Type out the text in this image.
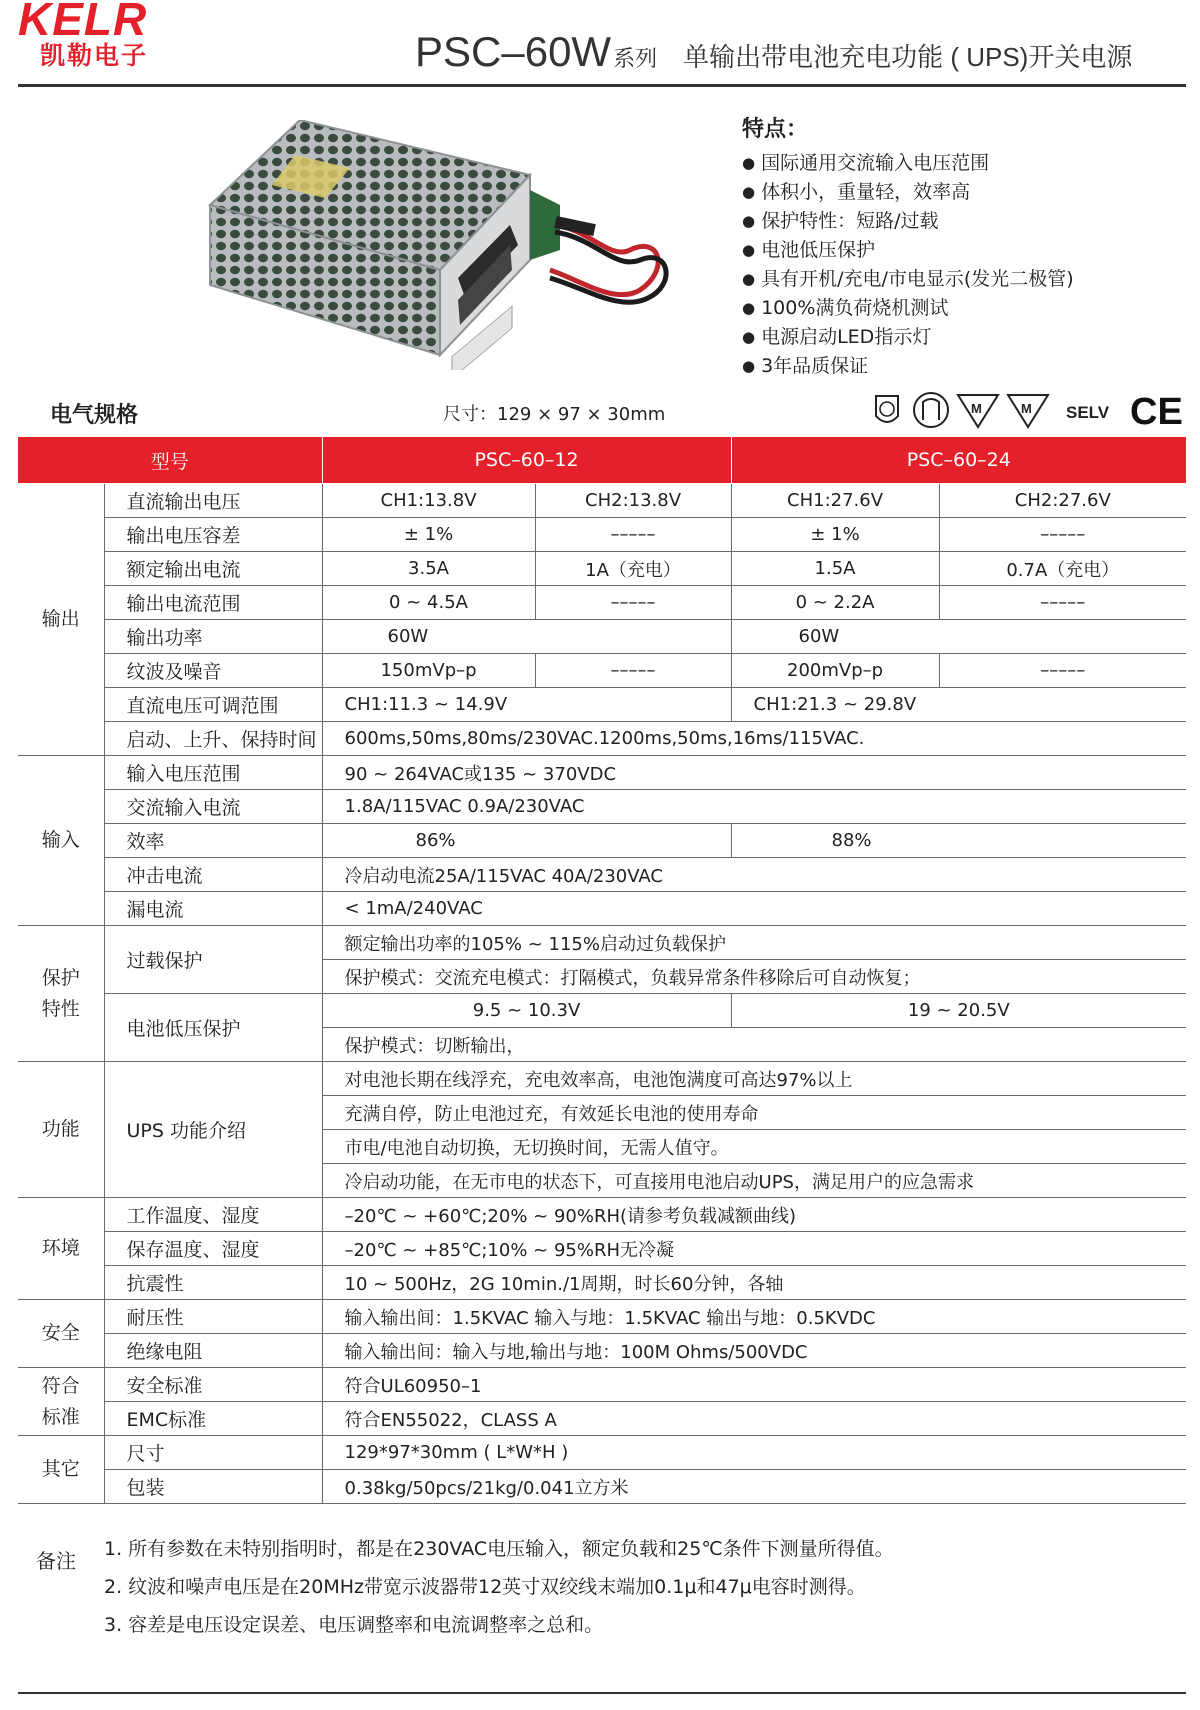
KELR
凯勒电子	PSC–60W系列 单输出带电池充电功能 ( UPS)开关电源
特点：
● 国际通用交流输入电压范围
● 体积小，重量轻，效率高
● 保护特性：短路/过载
● 电池低压保护
● 具有开机/充电/市电显示(发光二极管)
● 100%满负荷烧机测试
● 电源启动LED指示灯
● 3年品质保证
电气规格	尺寸：129 × 97 × 30mm	M	M SELV CE
型号		PSC–60–12		PSC–60–24	
输出	直流输出电压	CH1:13.8V	CH2:13.8V	CH1:27.6V	CH2:27.6V
	输出电压容差	± 1%	–––––	± 1%	–––––
	额定输出电流	3.5A	1A（充电）	1.5A	0.7A（充电）
	输出电流范围	0 ~ 4.5A	–––––	0 ~ 2.2A	–––––
	输出功率	60W		60W	
	纹波及噪音	150mVp–p	–––––	200mVp–p	–––––
	直流电压可调范围	CH1:11.3 ~ 14.9V		CH1:21.3 ~ 29.8V	
	启动、上升、保持时间	600ms,50ms,80ms/230VAC.1200ms,50ms,16ms/115VAC.			
输入	输入电压范围	90 ~ 264VAC或135 ~ 370VDC			
	交流输入电流	1.8A/115VAC 0.9A/230VAC			
	效率	86%		88%	
	冲击电流	冷启动电流25A/115VAC 40A/230VAC			
	漏电流	< 1mA/240VAC			
保护
特性	过载保护	额定输出功率的105% ~ 115%启动过负载保护			
		保护模式：交流充电模式：打隔模式，负载异常条件移除后可自动恢复；			
	电池低压保护	9.5 ~ 10.3V		19 ~ 20.5V	
		保护模式：切断输出，			
功能	UPS 功能介绍	对电池长期在线浮充，充电效率高，电池饱满度可高达97%以上			
		充满自停，防止电池过充，有效延长电池的使用寿命			
		市电/电池自动切换，无切换时间，无需人值守。			
		冷启动功能，在无市电的状态下，可直接用电池启动UPS，满足用户的应急需求			
环境	工作温度、湿度	–20℃ ~ +60℃;20% ~ 90%RH(请参考负载减额曲线)			
	保存温度、湿度	–20℃ ~ +85℃;10% ~ 95%RH无冷凝			
	抗震性	10 ~ 500Hz，2G 10min./1周期，时长60分钟，各轴			
安全	耐压性	输入输出间：1.5KVAC 输入与地：1.5KVAC 输出与地：0.5KVDC			
	绝缘电阻	输入输出间：输入与地,输出与地：100M Ohms/500VDC			
符合
标准	安全标准	符合UL60950–1			
	EMC标准	符合EN55022，CLASS A			
其它	尺寸	129*97*30mm ( L*W*H )			
	包装	0.38kg/50pcs/21kg/0.041立方米			
备注 1. 所有参数在未特别指明时，都是在230VAC电压输入，额定负载和25℃条件下测量所得值。
2. 纹波和噪声电压是在20MHz带宽示波器带12英寸双绞线末端加0.1μ和47μ电容时测得。
3. 容差是电压设定误差、电压调整率和电流调整率之总和。
